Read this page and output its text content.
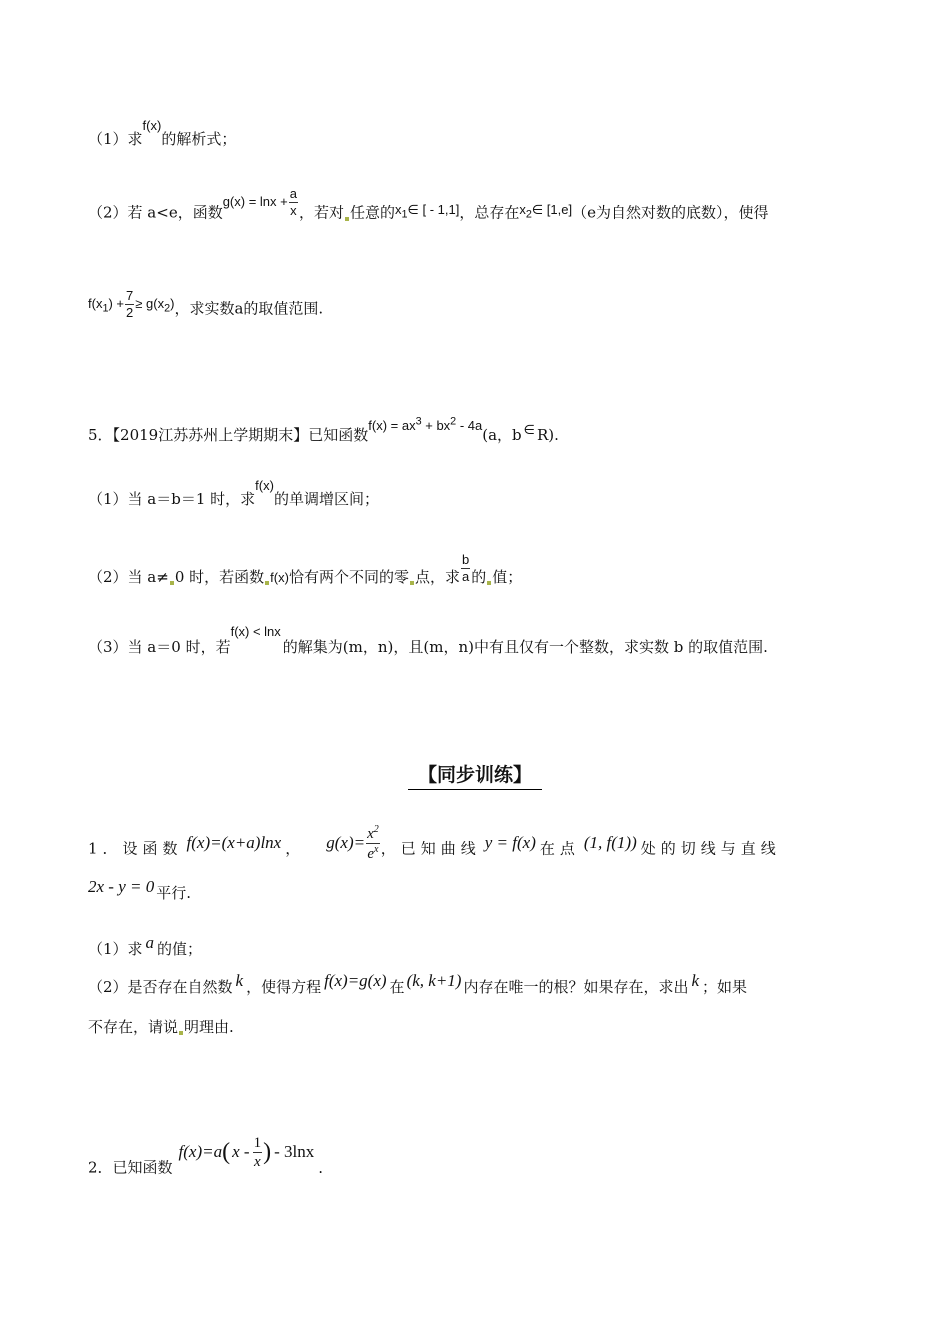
（1）求f(x)的解析式；
（2）若 a<e，函数$g(x) = \ln x + \frac{a}{x}$ ，若对 任意的$x_1\in$ [ - 1,1]，总存在$x_2\in$ [1,e]（e为自然对数的底数），使得
$f(x_1) + \frac{7}{2} \ge g(x_2)$，求实数a的取值范围.
5．【2019江苏苏州上学期期末】已知函数$f(x) = ax^3 + bx^2 - 4a(a$，b ∈ R).
（1）当 a＝b＝1 时，求f(x)的单调增区间；
（2）当 a≠ 0 时，若函数 f(x)恰有两个不同的零 点，求 $\frac{b}{a}$ 的 值；
（3）当 a＝0 时，若f(x) < lnx的解集为(m，n)，且(m，n)中有且仅有一个整数，求实数 b 的取值范围.
【同步训练】
1．设函数 f(x)=(x+a)lnx ， $g(x)= \frac{x^2}{e^x}$ ，已知曲线 y = f(x) 在点 (1, f(1)) 处的切线与直线
2x - y = 0 平行.
（1）求 a 的值；
（2）是否存在自然数 k ，使得方程 f(x)=g(x) 在 (k, k+1) 内存在唯一的根？如果存在，求出 k ；如果
不存在，请说 明理由.
2．已知函数f(x)=a( x - $\frac{1}{x}$ ) - 3lnx.
